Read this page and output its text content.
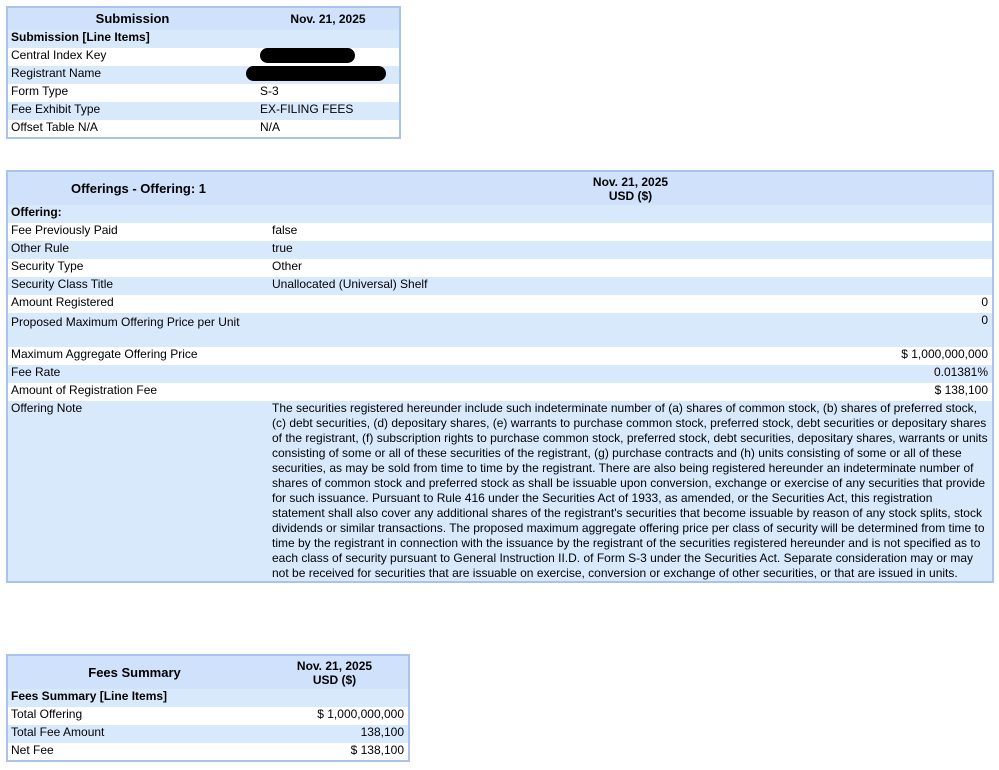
Submission	Nov. 21, 2025
Submission [Line Items]	
Central Index Key	
Registrant Name	
Form Type	S-3
Fee Exhibit Type	EX-FILING FEES
Offset Table N/A	N/A
Offerings - Offering: 1	Nov. 21, 2025
USD ($)

Offering:	
Fee Previously Paid	false
Other Rule	true
Security Type	Other
Security Class Title	Unallocated (Universal) Shelf
Amount Registered	0
Proposed Maximum Offering Price per Unit	0
Maximum Aggregate Offering Price	$ 1,000,000,000
Fee Rate	0.01381%
Amount of Registration Fee	$ 138,100
Offering Note	The securities registered hereunder include such indeterminate number of (a) shares of common stock, (b) shares of preferred stock, (c) debt securities, (d) depositary shares, (e) warrants to purchase common stock, preferred stock, debt securities or depositary shares of the registrant, (f) subscription rights to purchase common stock, preferred stock, debt securities, depositary shares, warrants or units consisting of some or all of these securities of the registrant, (g) purchase contracts and (h) units consisting of some or all of these securities, as may be sold from time to time by the registrant. There are also being registered hereunder an indeterminate number of shares of common stock and preferred stock as shall be issuable upon conversion, exchange or exercise of any securities that provide for such issuance. Pursuant to Rule 416 under the Securities Act of 1933, as amended, or the Securities Act, this registration statement shall also cover any additional shares of the registrant's securities that become issuable by reason of any stock splits, stock dividends or similar transactions. The proposed maximum aggregate offering price per class of security will be determined from time to time by the registrant in connection with the issuance by the registrant of the securities registered hereunder and is not specified as to each class of security pursuant to General Instruction II.D. of Form S-3 under the Securities Act. Separate consideration may or may not be received for securities that are issuable on exercise, conversion or exchange of other securities, or that are issued in units.
Fees Summary	Nov. 21, 2025
USD ($)

Fees Summary [Line Items]	
Total Offering	$ 1,000,000,000
Total Fee Amount	138,100
Net Fee	$ 138,100
